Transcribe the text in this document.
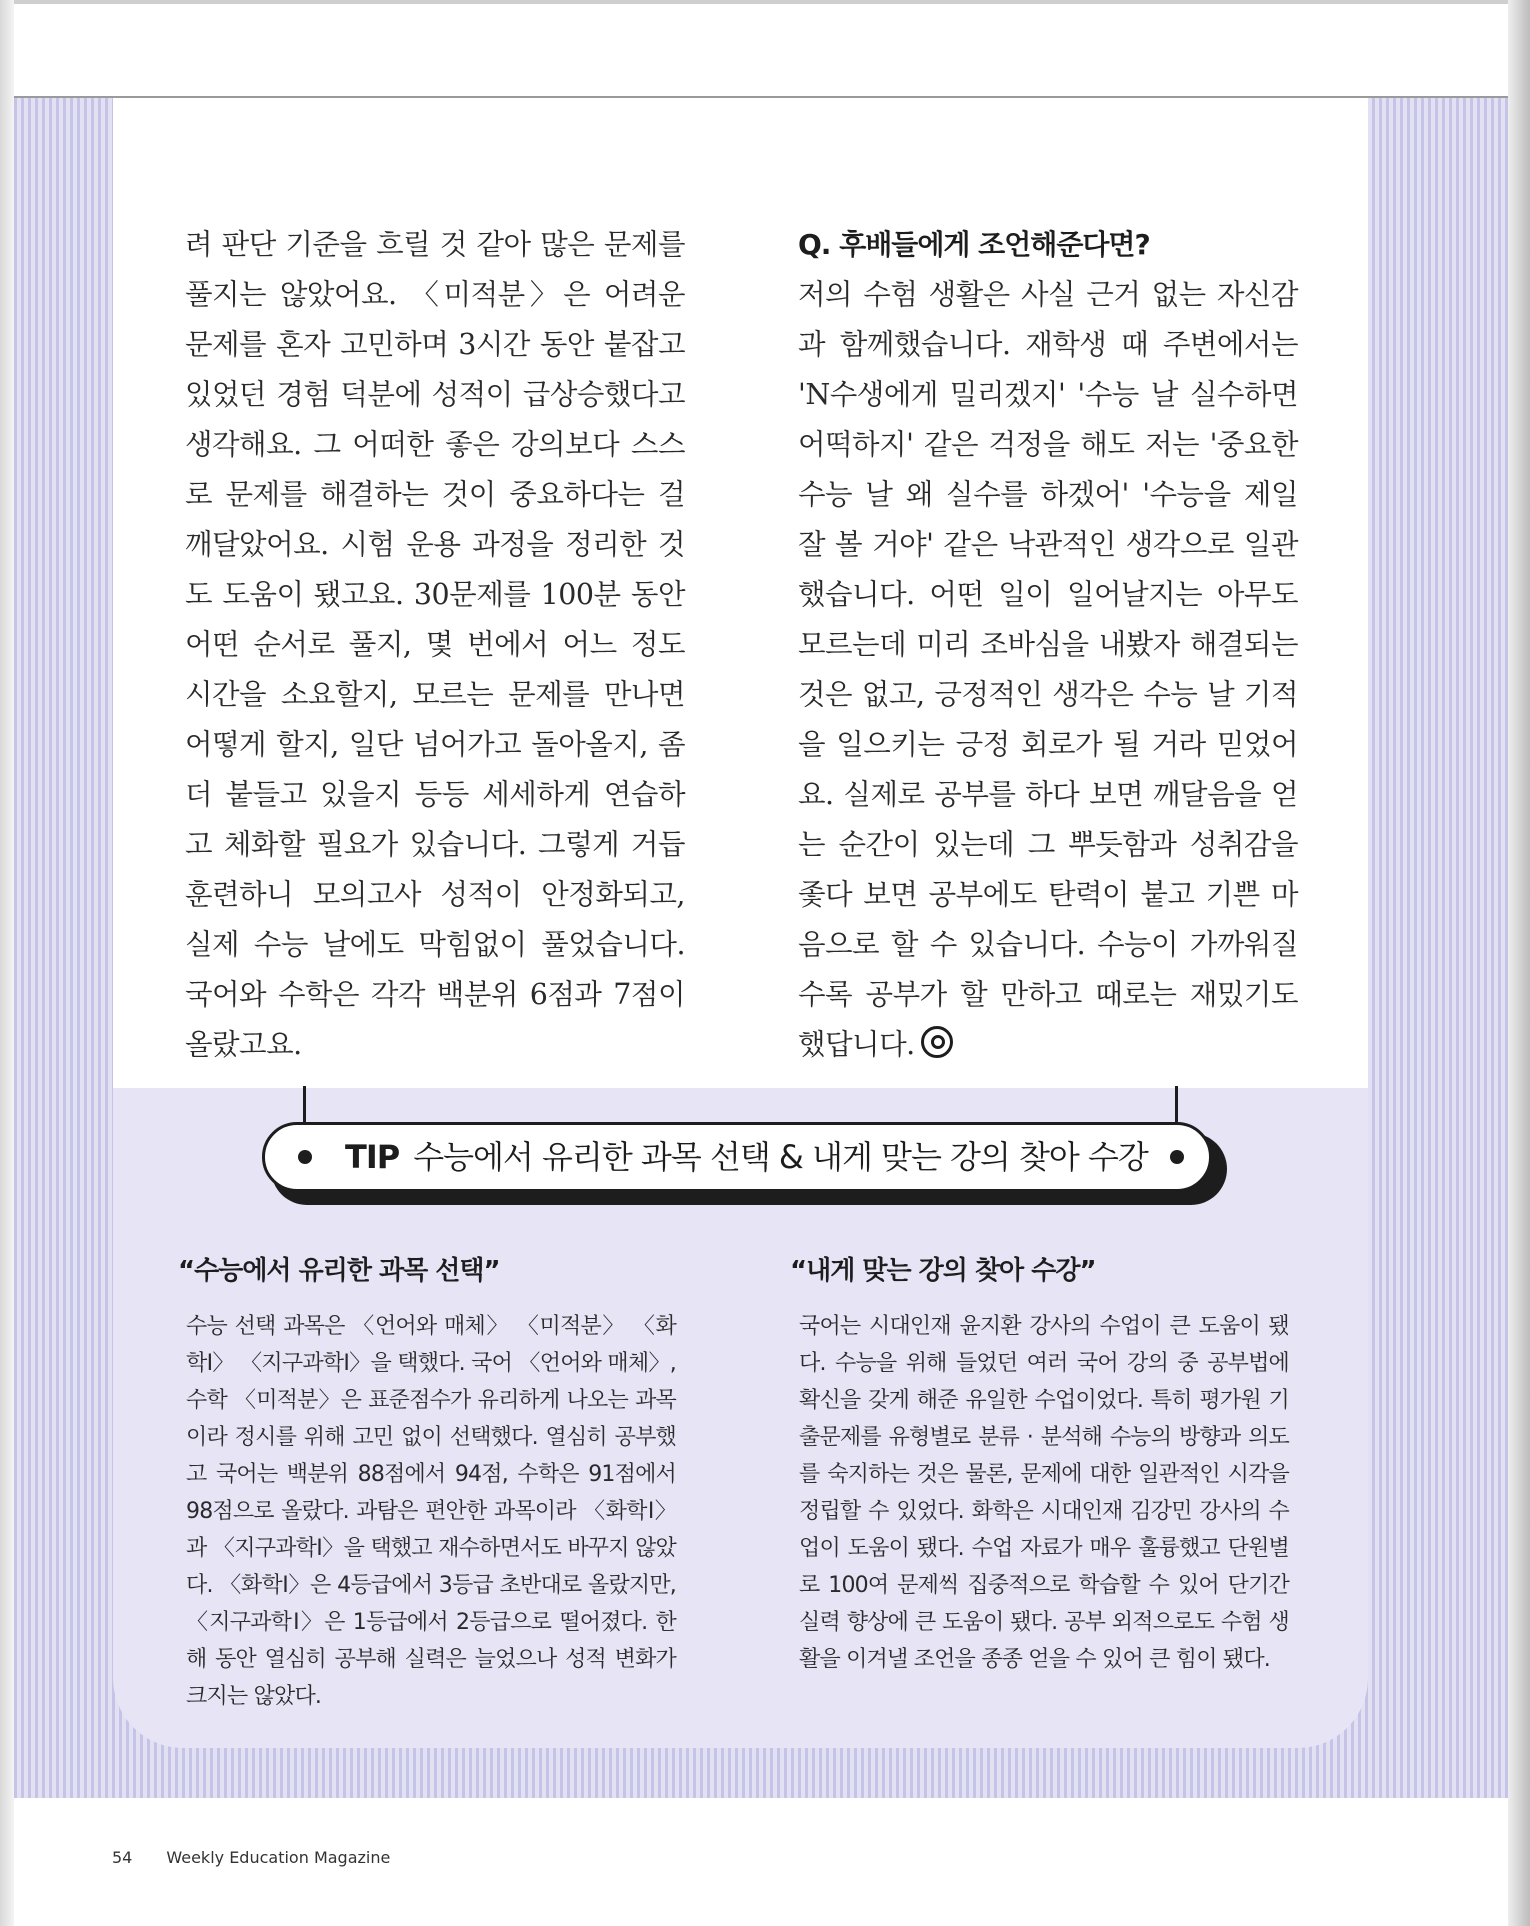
려 판단 기준을 흐릴 것 같아 많은 문제를 풀지는 않았어요. 〈미적분〉은 어려운 문제를 혼자 고민하며 3시간 동안 붙잡고 있었던 경험 덕분에 성적이 급상승했다고 생각해요. 그 어떠한 좋은 강의보다 스스로 문제를 해결하는 것이 중요하다는 걸 깨달았어요. 시험 운용 과정을 정리한 것도 도움이 됐고요. 30문제를 100분 동안 어떤 순서로 풀지, 몇 번에서 어느 정도 시간을 소요할지, 모르는 문제를 만나면 어떻게 할지, 일단 넘어가고 돌아올지, 좀 더 붙들고 있을지 등등 세세하게 연습하고 체화할 필요가 있습니다. 그렇게 거듭 훈련하니 모의고사 성적이 안정화되고, 실제 수능 날에도 막힘없이 풀었습니다. 국어와 수학은 각각 백분위 6점과 7점이 올랐고요.

Q. 후배들에게 조언해준다면?

저의 수험 생활은 사실 근거 없는 자신감과 함께했습니다. 재학생 때 주변에서는 'N수생에게 밀리겠지' '수능 날 실수하면 어떡하지' 같은 걱정을 해도 저는 '중요한 수능 날 왜 실수를 하겠어' '수능을 제일 잘 볼 거야' 같은 낙관적인 생각으로 일관했습니다. 어떤 일이 일어날지는 아무도 모르는데 미리 조바심을 내봤자 해결되는 것은 없고, 긍정적인 생각은 수능 날 기적을 일으키는 긍정 회로가 될 거라 믿었어요. 실제로 공부를 하다 보면 깨달음을 얻는 순간이 있는데 그 뿌듯함과 성취감을 좇다 보면 공부에도 탄력이 붙고 기쁜 마음으로 할 수 있습니다. 수능이 가까워질수록 공부가 할 만하고 때로는 재밌기도 했답니다.

TIP 수능에서 유리한 과목 선택 & 내게 맞는 강의 찾아 수강
“수능에서 유리한 과목 선택”	“내게 맞는 강의 찾아 수강”

수능 선택 과목은 〈언어와 매체〉 〈미적분〉 〈화학Ⅰ〉 〈지구과학Ⅰ〉을 택했다. 국어 〈언어와 매체〉, 수학 〈미적분〉은 표준점수가 유리하게 나오는 과목이라 정시를 위해 고민 없이 선택했다. 열심히 공부했고 국어는 백분위 88점에서 94점, 수학은 91점에서 98점으로 올랐다. 과탐은 편안한 과목이라 〈화학Ⅰ〉과 〈지구과학Ⅰ〉을 택했고 재수하면서도 바꾸지 않았다. 〈화학Ⅰ〉은 4등급에서 3등급 초반대로 올랐지만, 〈지구과학Ⅰ〉은 1등급에서 2등급으로 떨어졌다. 한 해 동안 열심히 공부해 실력은 늘었으나 성적 변화가 크지는 않았다.

국어는 시대인재 윤지환 강사의 수업이 큰 도움이 됐다. 수능을 위해 들었던 여러 국어 강의 중 공부법에 확신을 갖게 해준 유일한 수업이었다. 특히 평가원 기출문제를 유형별로 분류 · 분석해 수능의 방향과 의도를 숙지하는 것은 물론, 문제에 대한 일관적인 시각을 정립할 수 있었다. 화학은 시대인재 김강민 강사의 수업이 도움이 됐다. 수업 자료가 매우 훌륭했고 단원별로 100여 문제씩 집중적으로 학습할 수 있어 단기간 실력 향상에 큰 도움이 됐다. 공부 외적으로도 수험 생활을 이겨낼 조언을 종종 얻을 수 있어 큰 힘이 됐다.

54 Weekly Education Magazine
